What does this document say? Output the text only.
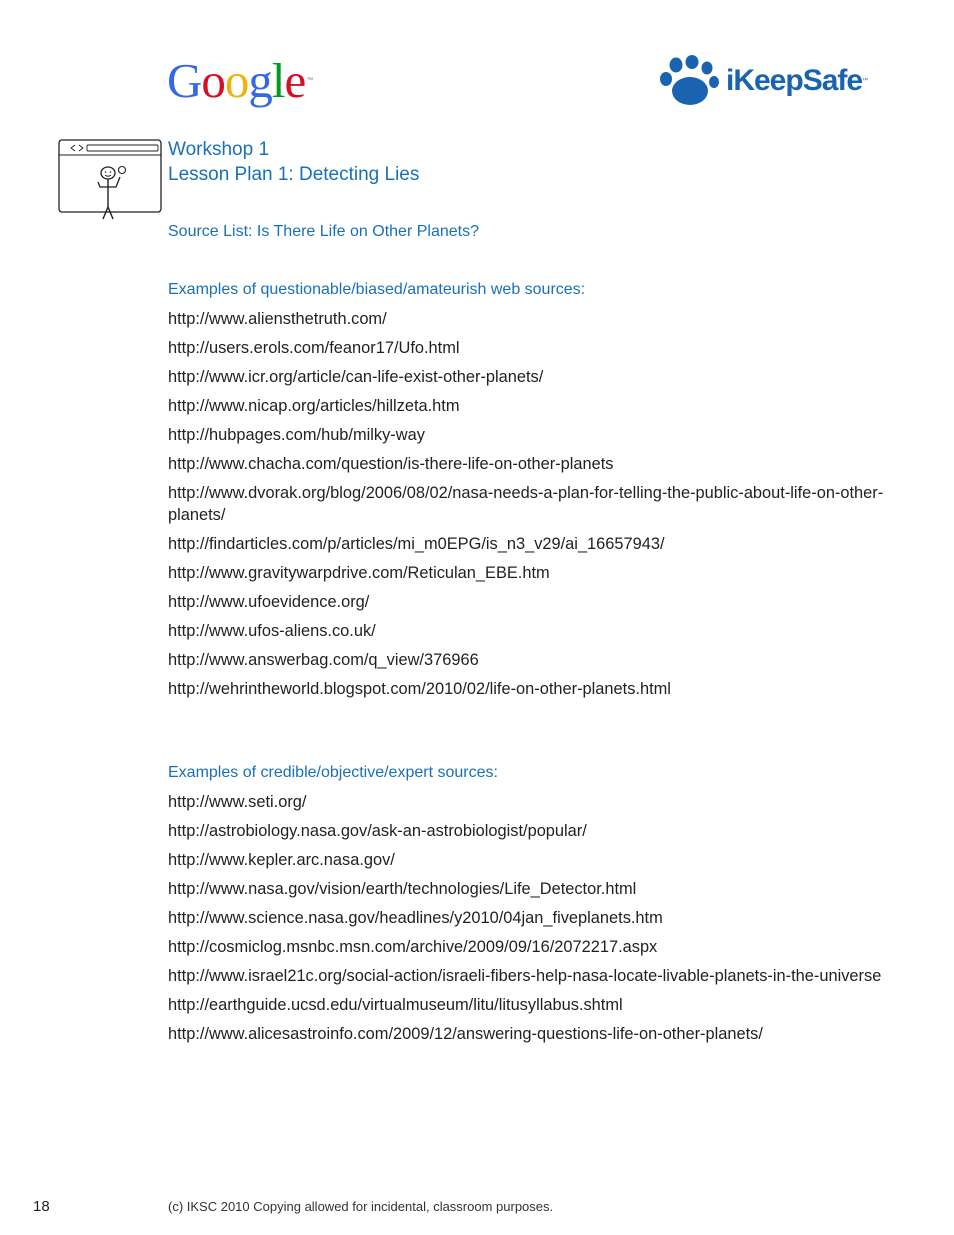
Google™	iKeepSafe™
Workshop 1
Lesson Plan 1: Detecting Lies
Source List: Is There Life on Other Planets?
Examples of questionable/biased/amateurish web sources:
http://www.aliensthetruth.com/
http://users.erols.com/feanor17/Ufo.html
http://www.icr.org/article/can-life-exist-other-planets/
http://www.nicap.org/articles/hillzeta.htm
http://hubpages.com/hub/milky-way
http://www.chacha.com/question/is-there-life-on-other-planets
http://www.dvorak.org/blog/2006/08/02/nasa-needs-a-plan-for-telling-the-public-about-life-on-other-planets/
http://findarticles.com/p/articles/mi_m0EPG/is_n3_v29/ai_16657943/
http://www.gravitywarpdrive.com/Reticulan_EBE.htm
http://www.ufoevidence.org/
http://www.ufos-aliens.co.uk/
http://www.answerbag.com/q_view/376966
http://wehrintheworld.blogspot.com/2010/02/life-on-other-planets.html
Examples of credible/objective/expert sources:
http://www.seti.org/
http://astrobiology.nasa.gov/ask-an-astrobiologist/popular/
http://www.kepler.arc.nasa.gov/
http://www.nasa.gov/vision/earth/technologies/Life_Detector.html
http://www.science.nasa.gov/headlines/y2010/04jan_fiveplanets.htm
http://cosmiclog.msnbc.msn.com/archive/2009/09/16/2072217.aspx
http://www.israel21c.org/social-action/israeli-fibers-help-nasa-locate-livable-planets-in-the-universe
http://earthguide.ucsd.edu/virtualmuseum/litu/litusyllabus.shtml
http://www.alicesastroinfo.com/2009/12/answering-questions-life-on-other-planets/
18	(c) IKSC 2010 Copying allowed for incidental, classroom purposes.
